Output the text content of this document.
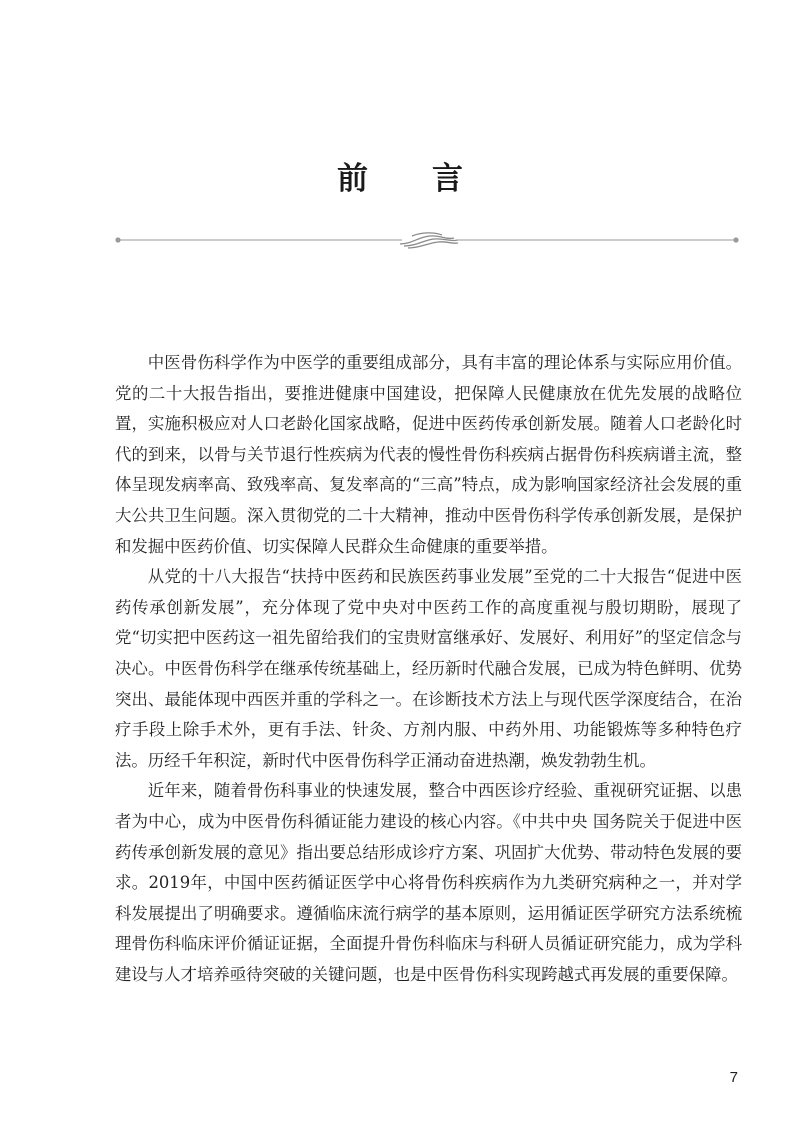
前 言

中医骨伤科学作为中医学的重要组成部分，具有丰富的理论体系与实际应用价值。党的二十大报告指出，要推进健康中国建设，把保障人民健康放在优先发展的战略位置，实施积极应对人口老龄化国家战略，促进中医药传承创新发展。随着人口老龄化时代的到来，以骨与关节退行性疾病为代表的慢性骨伤科疾病占据骨伤科疾病谱主流，整体呈现发病率高、致残率高、复发率高的“三高”特点，成为影响国家经济社会发展的重大公共卫生问题。深入贯彻党的二十大精神，推动中医骨伤科学传承创新发展，是保护和发掘中医药价值、切实保障人民群众生命健康的重要举措。

从党的十八大报告“扶持中医药和民族医药事业发展”至党的二十大报告“促进中医药传承创新发展”，充分体现了党中央对中医药工作的高度重视与殷切期盼，展现了党“切实把中医药这一祖先留给我们的宝贵财富继承好、发展好、利用好”的坚定信念与决心。中医骨伤科学在继承传统基础上，经历新时代融合发展，已成为特色鲜明、优势突出、最能体现中西医并重的学科之一。在诊断技术方法上与现代医学深度结合，在治疗手段上除手术外，更有手法、针灸、方剂内服、中药外用、功能锻炼等多种特色疗法。历经千年积淀，新时代中医骨伤科学正涌动奋进热潮，焕发勃勃生机。

近年来，随着骨伤科事业的快速发展，整合中西医诊疗经验、重视研究证据、以患者为中心，成为中医骨伤科循证能力建设的核心内容。《中共中央 国务院关于促进中医药传承创新发展的意见》指出要总结形成诊疗方案、巩固扩大优势、带动特色发展的要求。2019年，中国中医药循证医学中心将骨伤科疾病作为九类研究病种之一，并对学科发展提出了明确要求。遵循临床流行病学的基本原则，运用循证医学研究方法系统梳理骨伤科临床评价循证证据，全面提升骨伤科临床与科研人员循证研究能力，成为学科建设与人才培养亟待突破的关键问题，也是中医骨伤科实现跨越式再发展的重要保障。

7
